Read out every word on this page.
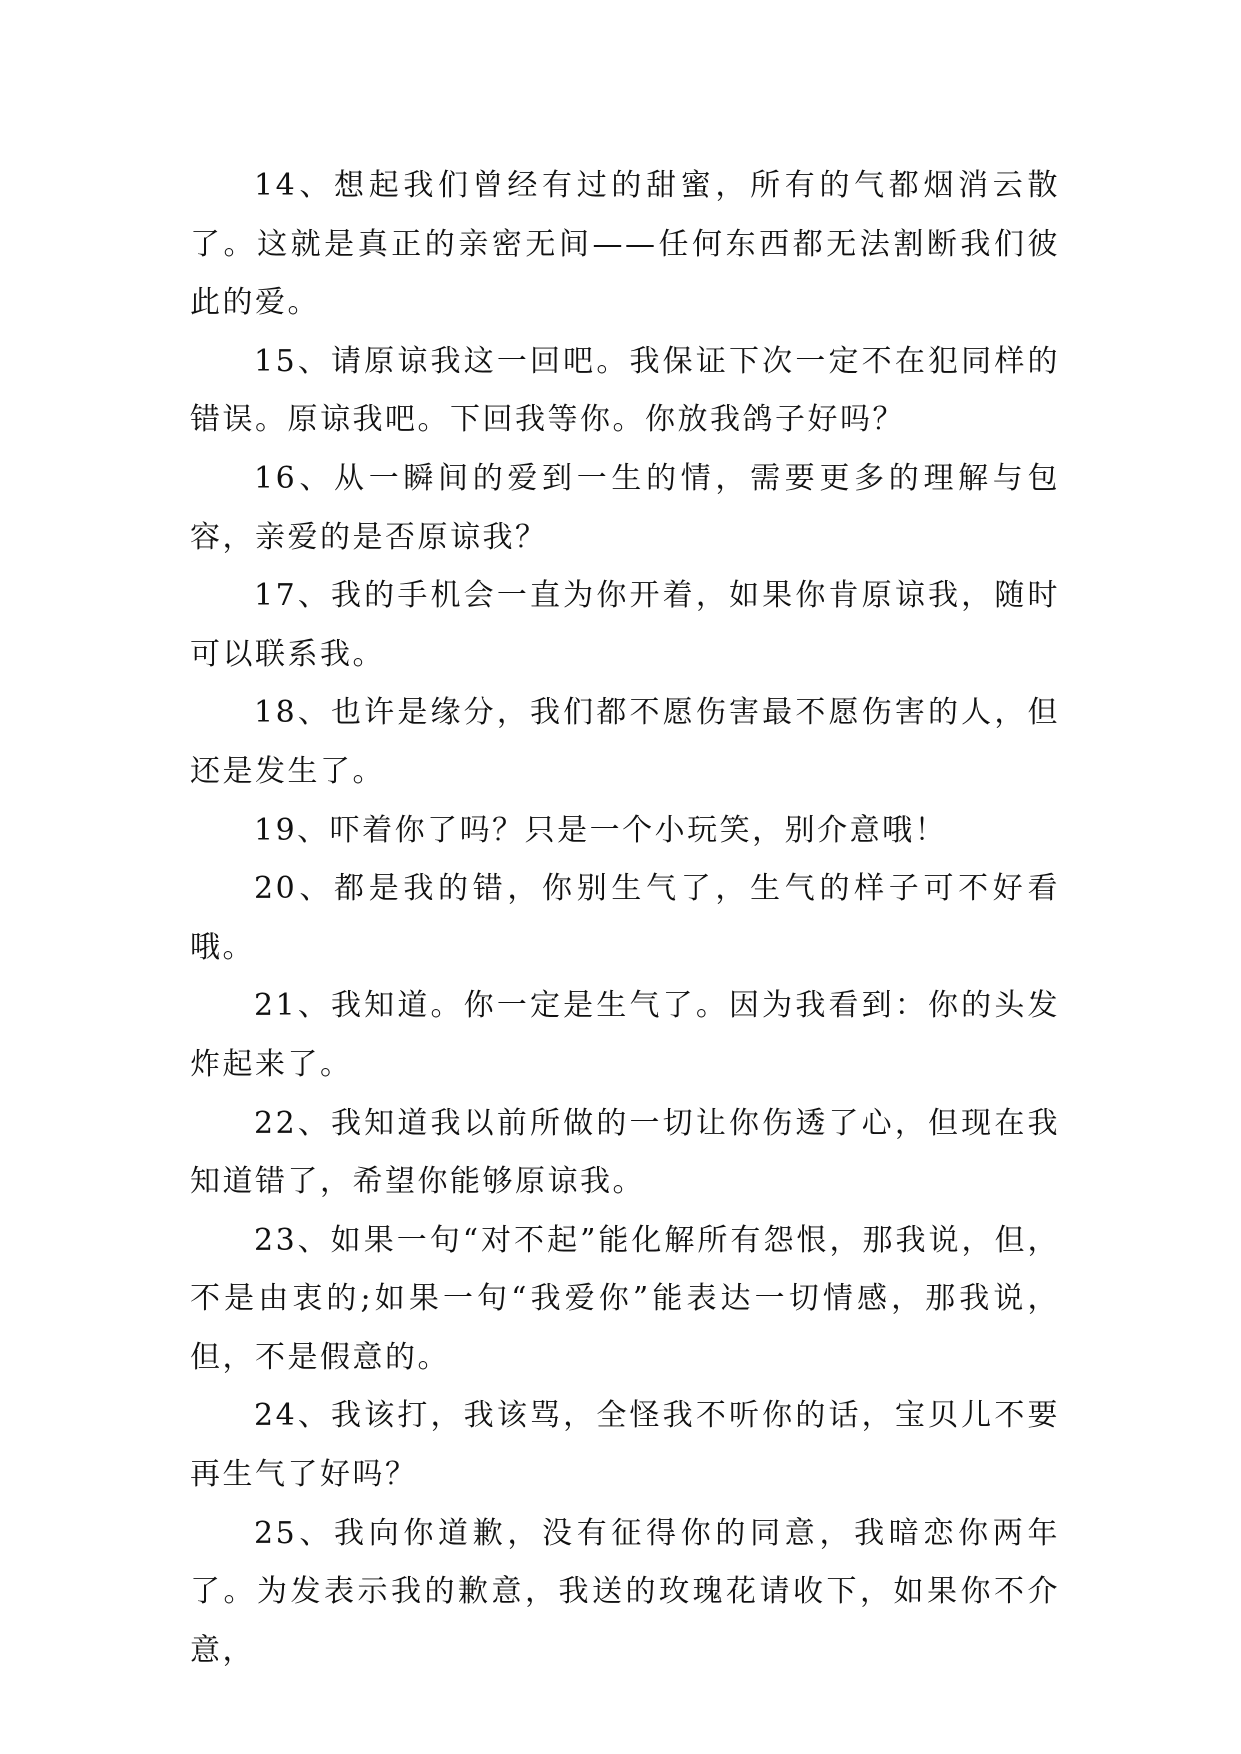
14、想起我们曾经有过的甜蜜，所有的气都烟消云散了。这就是真正的亲密无间——任何东西都无法割断我们彼此的爱。

15、请原谅我这一回吧。我保证下次一定不在犯同样的错误。原谅我吧。下回我等你。你放我鸽子好吗？

16、从一瞬间的爱到一生的情，需要更多的理解与包容，亲爱的是否原谅我？

17、我的手机会一直为你开着，如果你肯原谅我，随时可以联系我。

18、也许是缘分，我们都不愿伤害最不愿伤害的人，但还是发生了。

19、吓着你了吗？只是一个小玩笑，别介意哦！

20、都是我的错，你别生气了，生气的样子可不好看哦。

21、我知道。你一定是生气了。因为我看到：你的头发炸起来了。

22、我知道我以前所做的一切让你伤透了心，但现在我知道错了，希望你能够原谅我。

23、如果一句“对不起”能化解所有怨恨，那我说，但，不是由衷的;如果一句“我爱你”能表达一切情感，那我说，但，不是假意的。

24、我该打，我该骂，全怪我不听你的话，宝贝儿不要再生气了好吗？

25、我向你道歉，没有征得你的同意，我暗恋你两年了。为发表示我的歉意，我送的玫瑰花请收下，如果你不介意，
